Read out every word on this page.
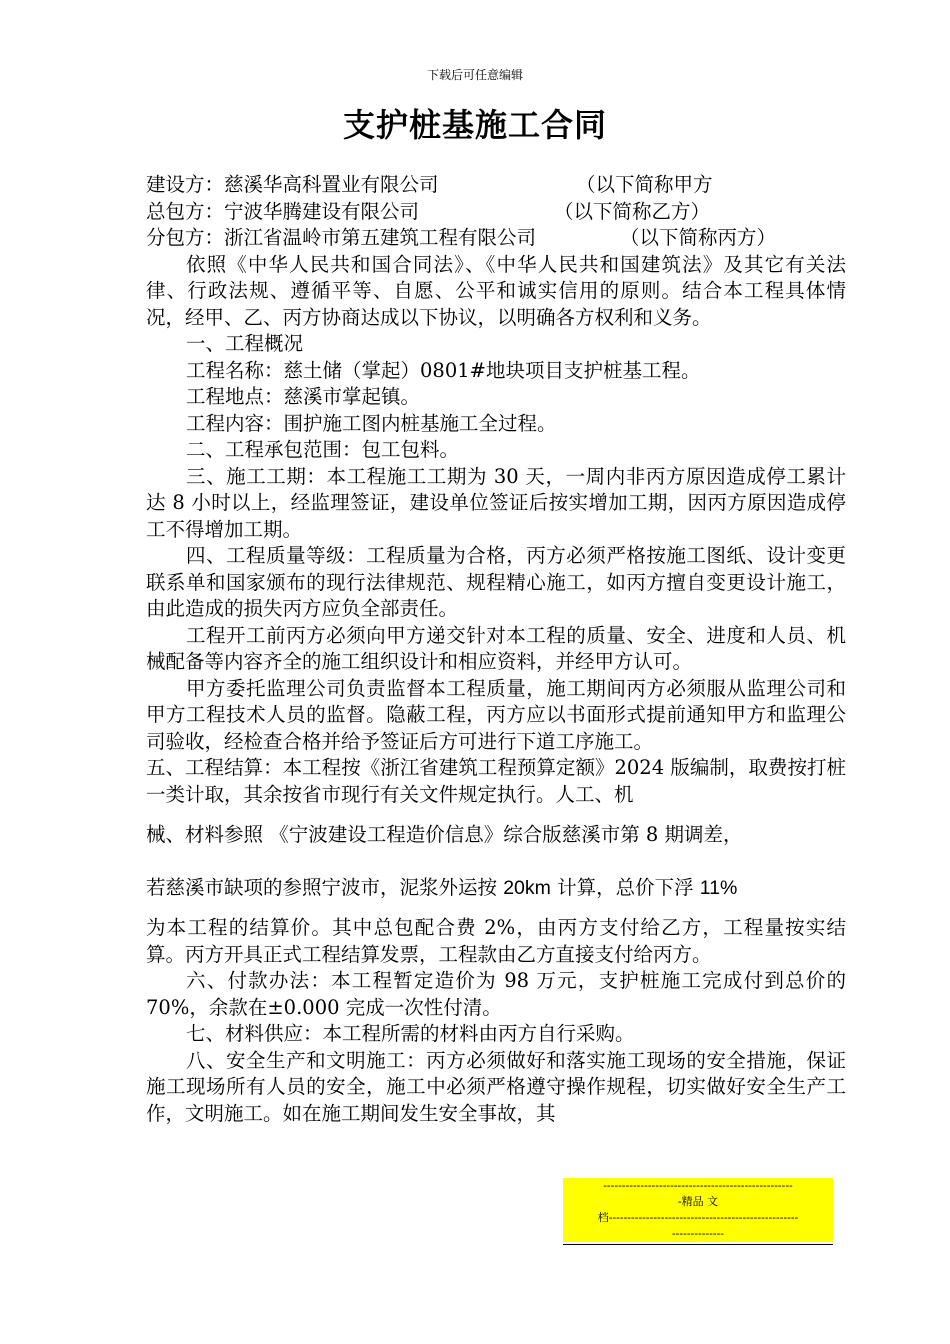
下载后可任意编辑
支护桩基施工合同

建设方：慈溪华高科置业有限公司	（以下简称甲方

总包方：宁波华腾建设有限公司	（以下简称乙方）

分包方：浙江省温岭市第五建筑工程有限公司	（以下简称丙方）

依照《中华人民共和国合同法》、《中华人民共和国建筑法》及其它有关法律、行政法规、遵循平等、自愿、公平和诚实信用的原则。结合本工程具体情况，经甲、乙、丙方协商达成以下协议，以明确各方权利和义务。

一、工程概况

工程名称：慈土储（掌起）0801#地块项目支护桩基工程。

工程地点：慈溪市掌起镇。

工程内容：围护施工图内桩基施工全过程。

二、工程承包范围：包工包料。

三、施工工期：本工程施工工期为 30 天，一周内非丙方原因造成停工累计达 8 小时以上，经监理签证，建设单位签证后按实增加工期，因丙方原因造成停工不得增加工期。

四、工程质量等级：工程质量为合格，丙方必须严格按施工图纸、设计变更联系单和国家颁布的现行法律规范、规程精心施工，如丙方擅自变更设计施工，由此造成的损失丙方应负全部责任。

工程开工前丙方必须向甲方递交针对本工程的质量、安全、进度和人员、机械配备等内容齐全的施工组织设计和相应资料，并经甲方认可。

甲方委托监理公司负责监督本工程质量，施工期间丙方必须服从监理公司和甲方工程技术人员的监督。隐蔽工程，丙方应以书面形式提前通知甲方和监理公司验收，经检查合格并给予签证后方可进行下道工序施工。

五、工程结算：本工程按《浙江省建筑工程预算定额》2024 版编制，取费按打桩一类计取，其余按省市现行有关文件规定执行。人工、机

械、材料参照 《宁波建设工程造价信息》综合版慈溪市第 8 期调差，

若慈溪市缺项的参照宁波市，泥浆外运按 20km 计算，总价下浮 11%

为本工程的结算价。其中总包配合费 2%，由丙方支付给乙方，工程量按实结算。丙方开具正式工程结算发票，工程款由乙方直接支付给丙方。

六、付款办法：本工程暂定造价为 98 万元，支护桩施工完成付到总价的 70%，余款在±0.000 完成一次性付清。

七、材料供应：本工程所需的材料由丙方自行采购。

八、安全生产和文明施工：丙方必须做好和落实施工现场的安全措施，保证施工现场所有人员的安全，施工中必须严格遵守操作规程，切实做好安全生产工作，文明施工。如在施工期间发生安全事故，其

---------------------------------------------------
-精品 文
档---------------------------------------------------
--------------
